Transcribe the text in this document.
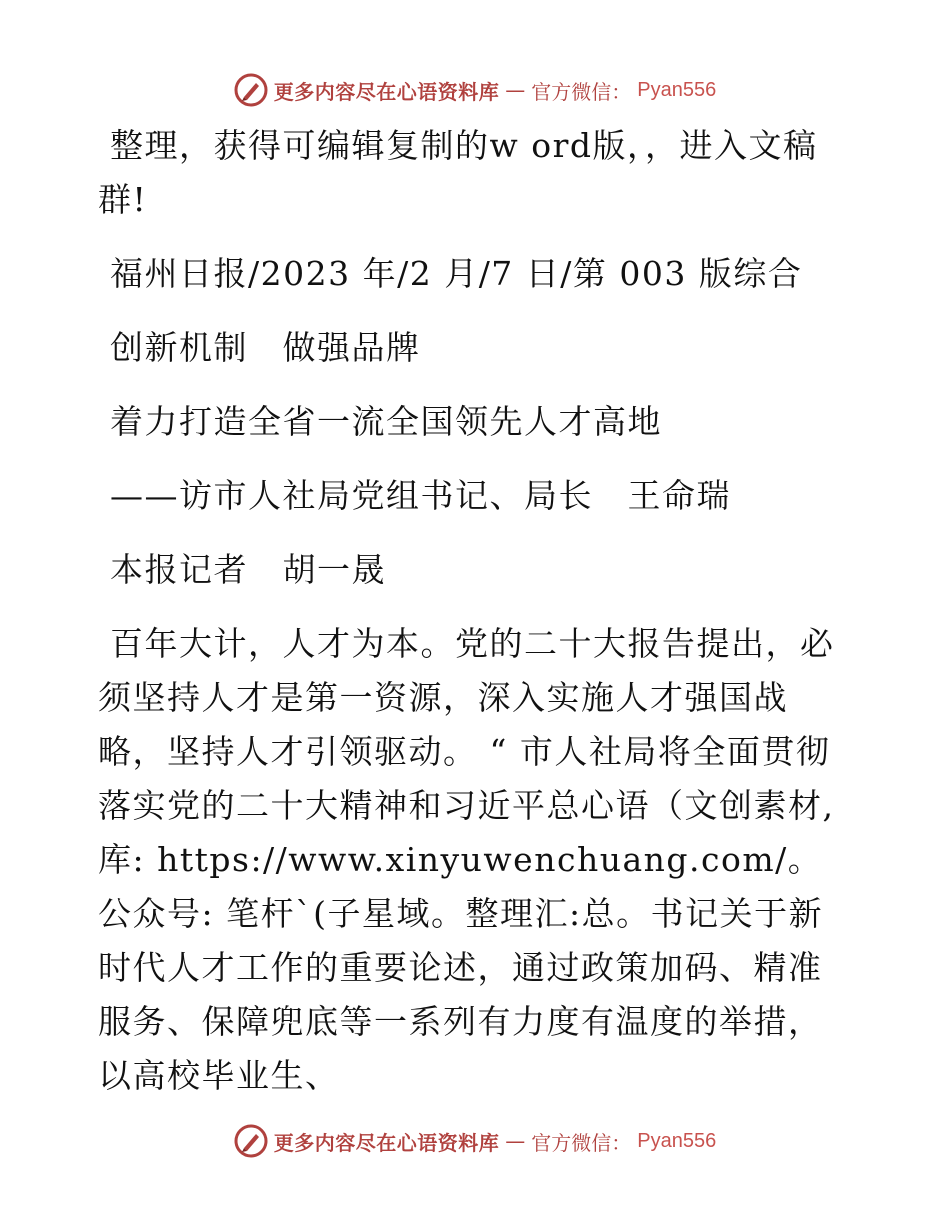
更多内容尽在心语资料库 — 官方微信： Pyan556

整理，获得可编辑复制的w ord版，，进入文稿群!

福州日报/2023 年/2 月/7 日/第 003 版综合

创新机制　做强品牌

着力打造全省一流全国领先人才高地

——访市人社局党组书记、局长　王命瑞

本报记者　胡一晟

百年大计，人才为本。党的二十大报告提出，必须坚持人才是第一资源，深入实施人才强国战略，坚持人才引领驱动。 “ 市人社局将全面贯彻落实党的二十大精神和习近平总心语（文创素材,库: https://www.xinyuwenchuang.com/。公众号: 笔杆`(子星域。整理汇:总。书记关于新时代人才工作的重要论述，通过政策加码、精准服务、保障兜底等一系列有力度有温度的举措，以高校毕业生、

更多内容尽在心语资料库 — 官方微信： Pyan556
